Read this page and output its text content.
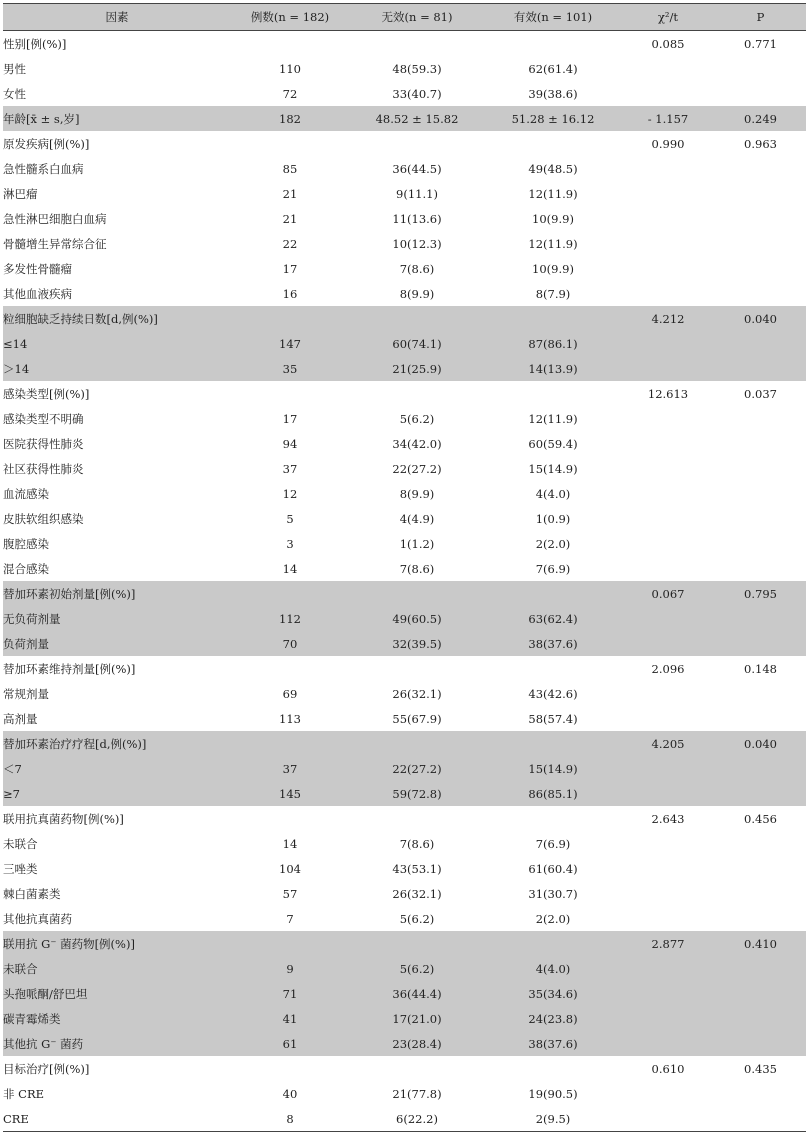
因素	例数(n = 182)	无效(n = 81)	有效(n = 101)	χ²/t	P
性别[例(%)]				0.085	0.771
男性	110	48(59.3)	62(61.4)		
女性	72	33(40.7)	39(38.6)		
年龄[x̄ ± s,岁]	182	48.52 ± 15.82	51.28 ± 16.12	- 1.157	0.249
原发疾病[例(%)]				0.990	0.963
急性髓系白血病	85	36(44.5)	49(48.5)		
淋巴瘤	21	9(11.1)	12(11.9)		
急性淋巴细胞白血病	21	11(13.6)	10(9.9)		
骨髓增生异常综合征	22	10(12.3)	12(11.9)		
多发性骨髓瘤	17	7(8.6)	10(9.9)		
其他血液疾病	16	8(9.9)	8(7.9)		
粒细胞缺乏持续日数[d,例(%)]				4.212	0.040
≤14	147	60(74.1)	87(86.1)		
＞14	35	21(25.9)	14(13.9)		
感染类型[例(%)]				12.613	0.037
感染类型不明确	17	5(6.2)	12(11.9)		
医院获得性肺炎	94	34(42.0)	60(59.4)		
社区获得性肺炎	37	22(27.2)	15(14.9)		
血流感染	12	8(9.9)	4(4.0)		
皮肤软组织感染	5	4(4.9)	1(0.9)		
腹腔感染	3	1(1.2)	2(2.0)		
混合感染	14	7(8.6)	7(6.9)		
替加环素初始剂量[例(%)]				0.067	0.795
无负荷剂量	112	49(60.5)	63(62.4)		
负荷剂量	70	32(39.5)	38(37.6)		
替加环素维持剂量[例(%)]				2.096	0.148
常规剂量	69	26(32.1)	43(42.6)		
高剂量	113	55(67.9)	58(57.4)		
替加环素治疗疗程[d,例(%)]				4.205	0.040
＜7	37	22(27.2)	15(14.9)		
≥7	145	59(72.8)	86(85.1)		
联用抗真菌药物[例(%)]				2.643	0.456
未联合	14	7(8.6)	7(6.9)		
三唑类	104	43(53.1)	61(60.4)		
棘白菌素类	57	26(32.1)	31(30.7)		
其他抗真菌药	7	5(6.2)	2(2.0)		
联用抗 G⁻ 菌药物[例(%)]				2.877	0.410
未联合	9	5(6.2)	4(4.0)		
头孢哌酮/舒巴坦	71	36(44.4)	35(34.6)		
碳青霉烯类	41	17(21.0)	24(23.8)		
其他抗 G⁻ 菌药	61	23(28.4)	38(37.6)		
目标治疗[例(%)]				0.610	0.435
非 CRE	40	21(77.8)	19(90.5)		
CRE	8	6(22.2)	2(9.5)		
